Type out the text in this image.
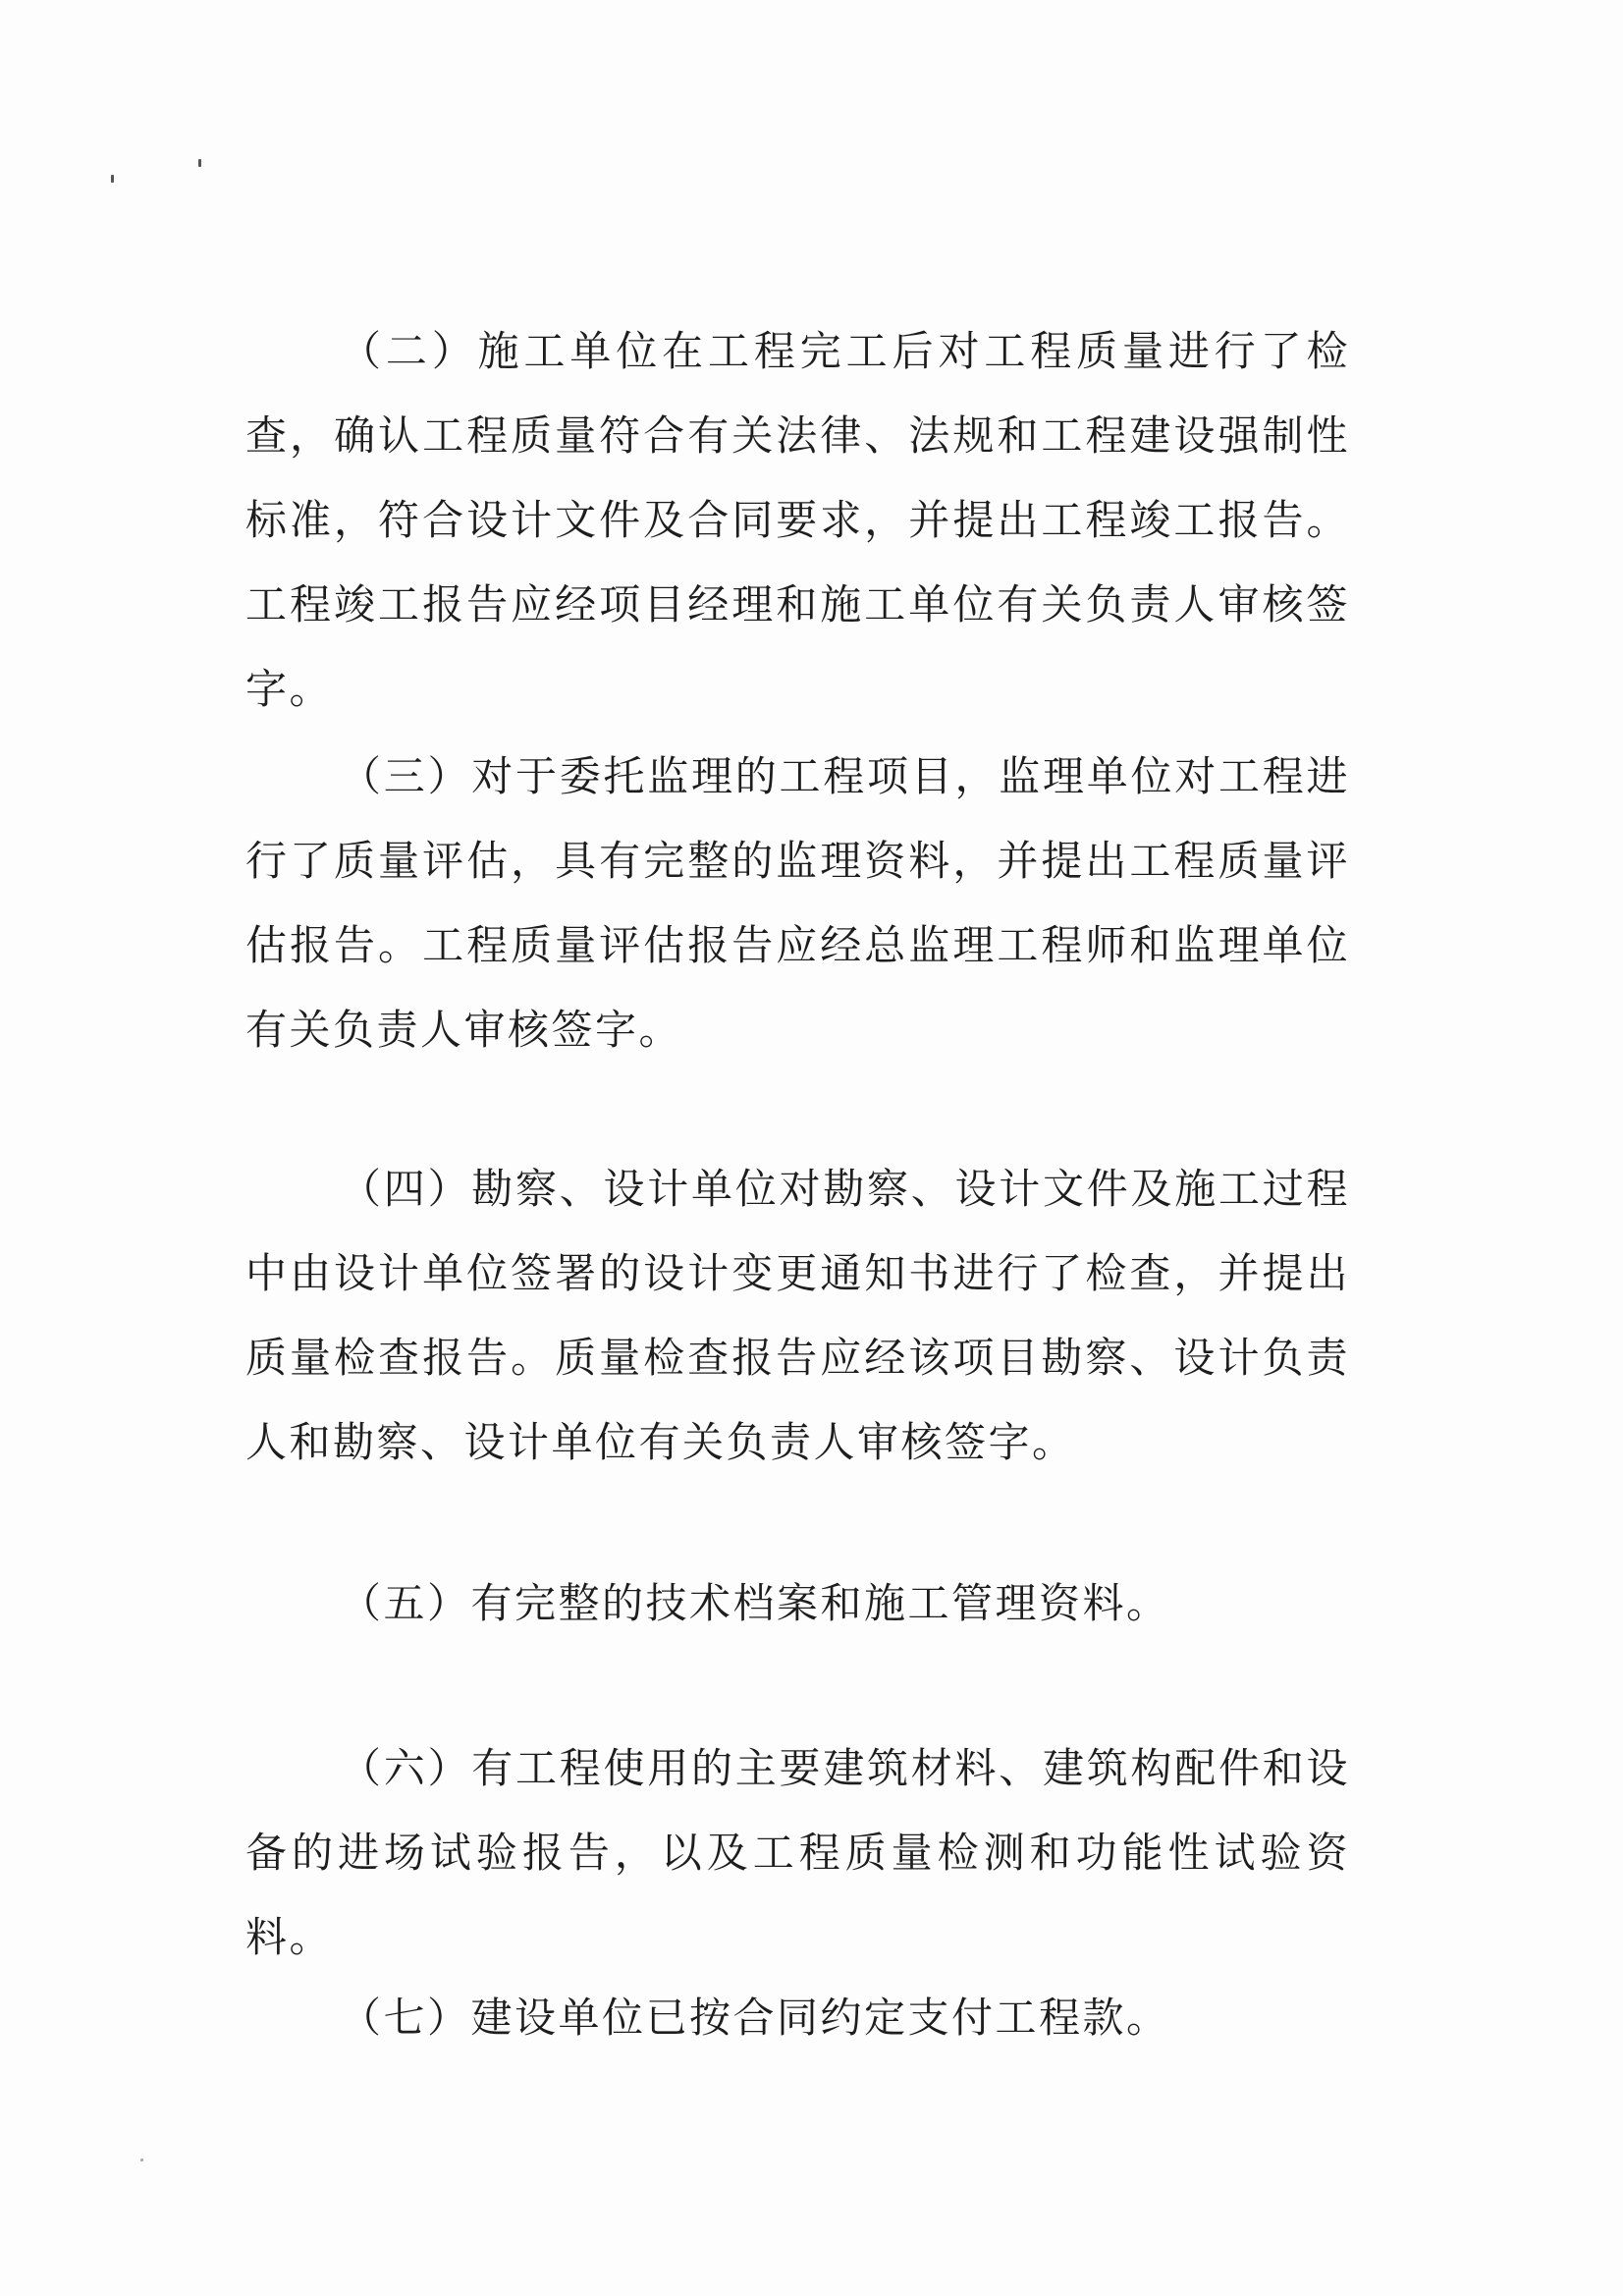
（二）施工单位在工程完工后对工程质量进行了检查，确认工程质量符合有关法律、法规和工程建设强制性标准，符合设计文件及合同要求，并提出工程竣工报告。工程竣工报告应经项目经理和施工单位有关负责人审核签字。

（三）对于委托监理的工程项目，监理单位对工程进行了质量评估，具有完整的监理资料，并提出工程质量评估报告。工程质量评估报告应经总监理工程师和监理单位有关负责人审核签字。

（四）勘察、设计单位对勘察、设计文件及施工过程中由设计单位签署的设计变更通知书进行了检查，并提出质量检查报告。质量检查报告应经该项目勘察、设计负责人和勘察、设计单位有关负责人审核签字。

（五）有完整的技术档案和施工管理资料。

（六）有工程使用的主要建筑材料、建筑构配件和设备的进场试验报告，以及工程质量检测和功能性试验资料。

（七）建设单位已按合同约定支付工程款。
